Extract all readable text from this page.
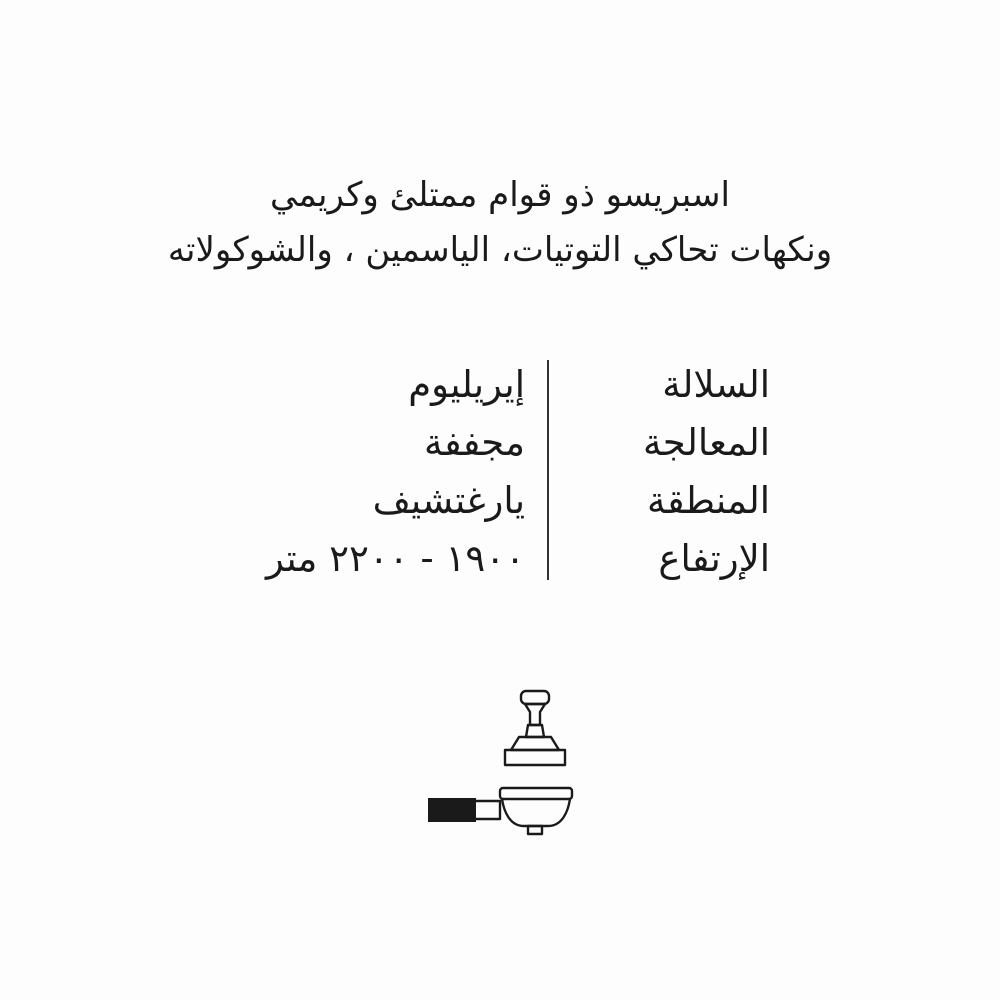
اسبريسو ذو قوام ممتلئ وكريمي

ونكهات تحاكي التوتيات، الياسمين ، والشوكولاته

السلالة
المعالجة
المنطقة
الإرتفاع
إيريليوم
مجففة
يارغتشيف
١٩٠٠ - ٢٢٠٠ متر
